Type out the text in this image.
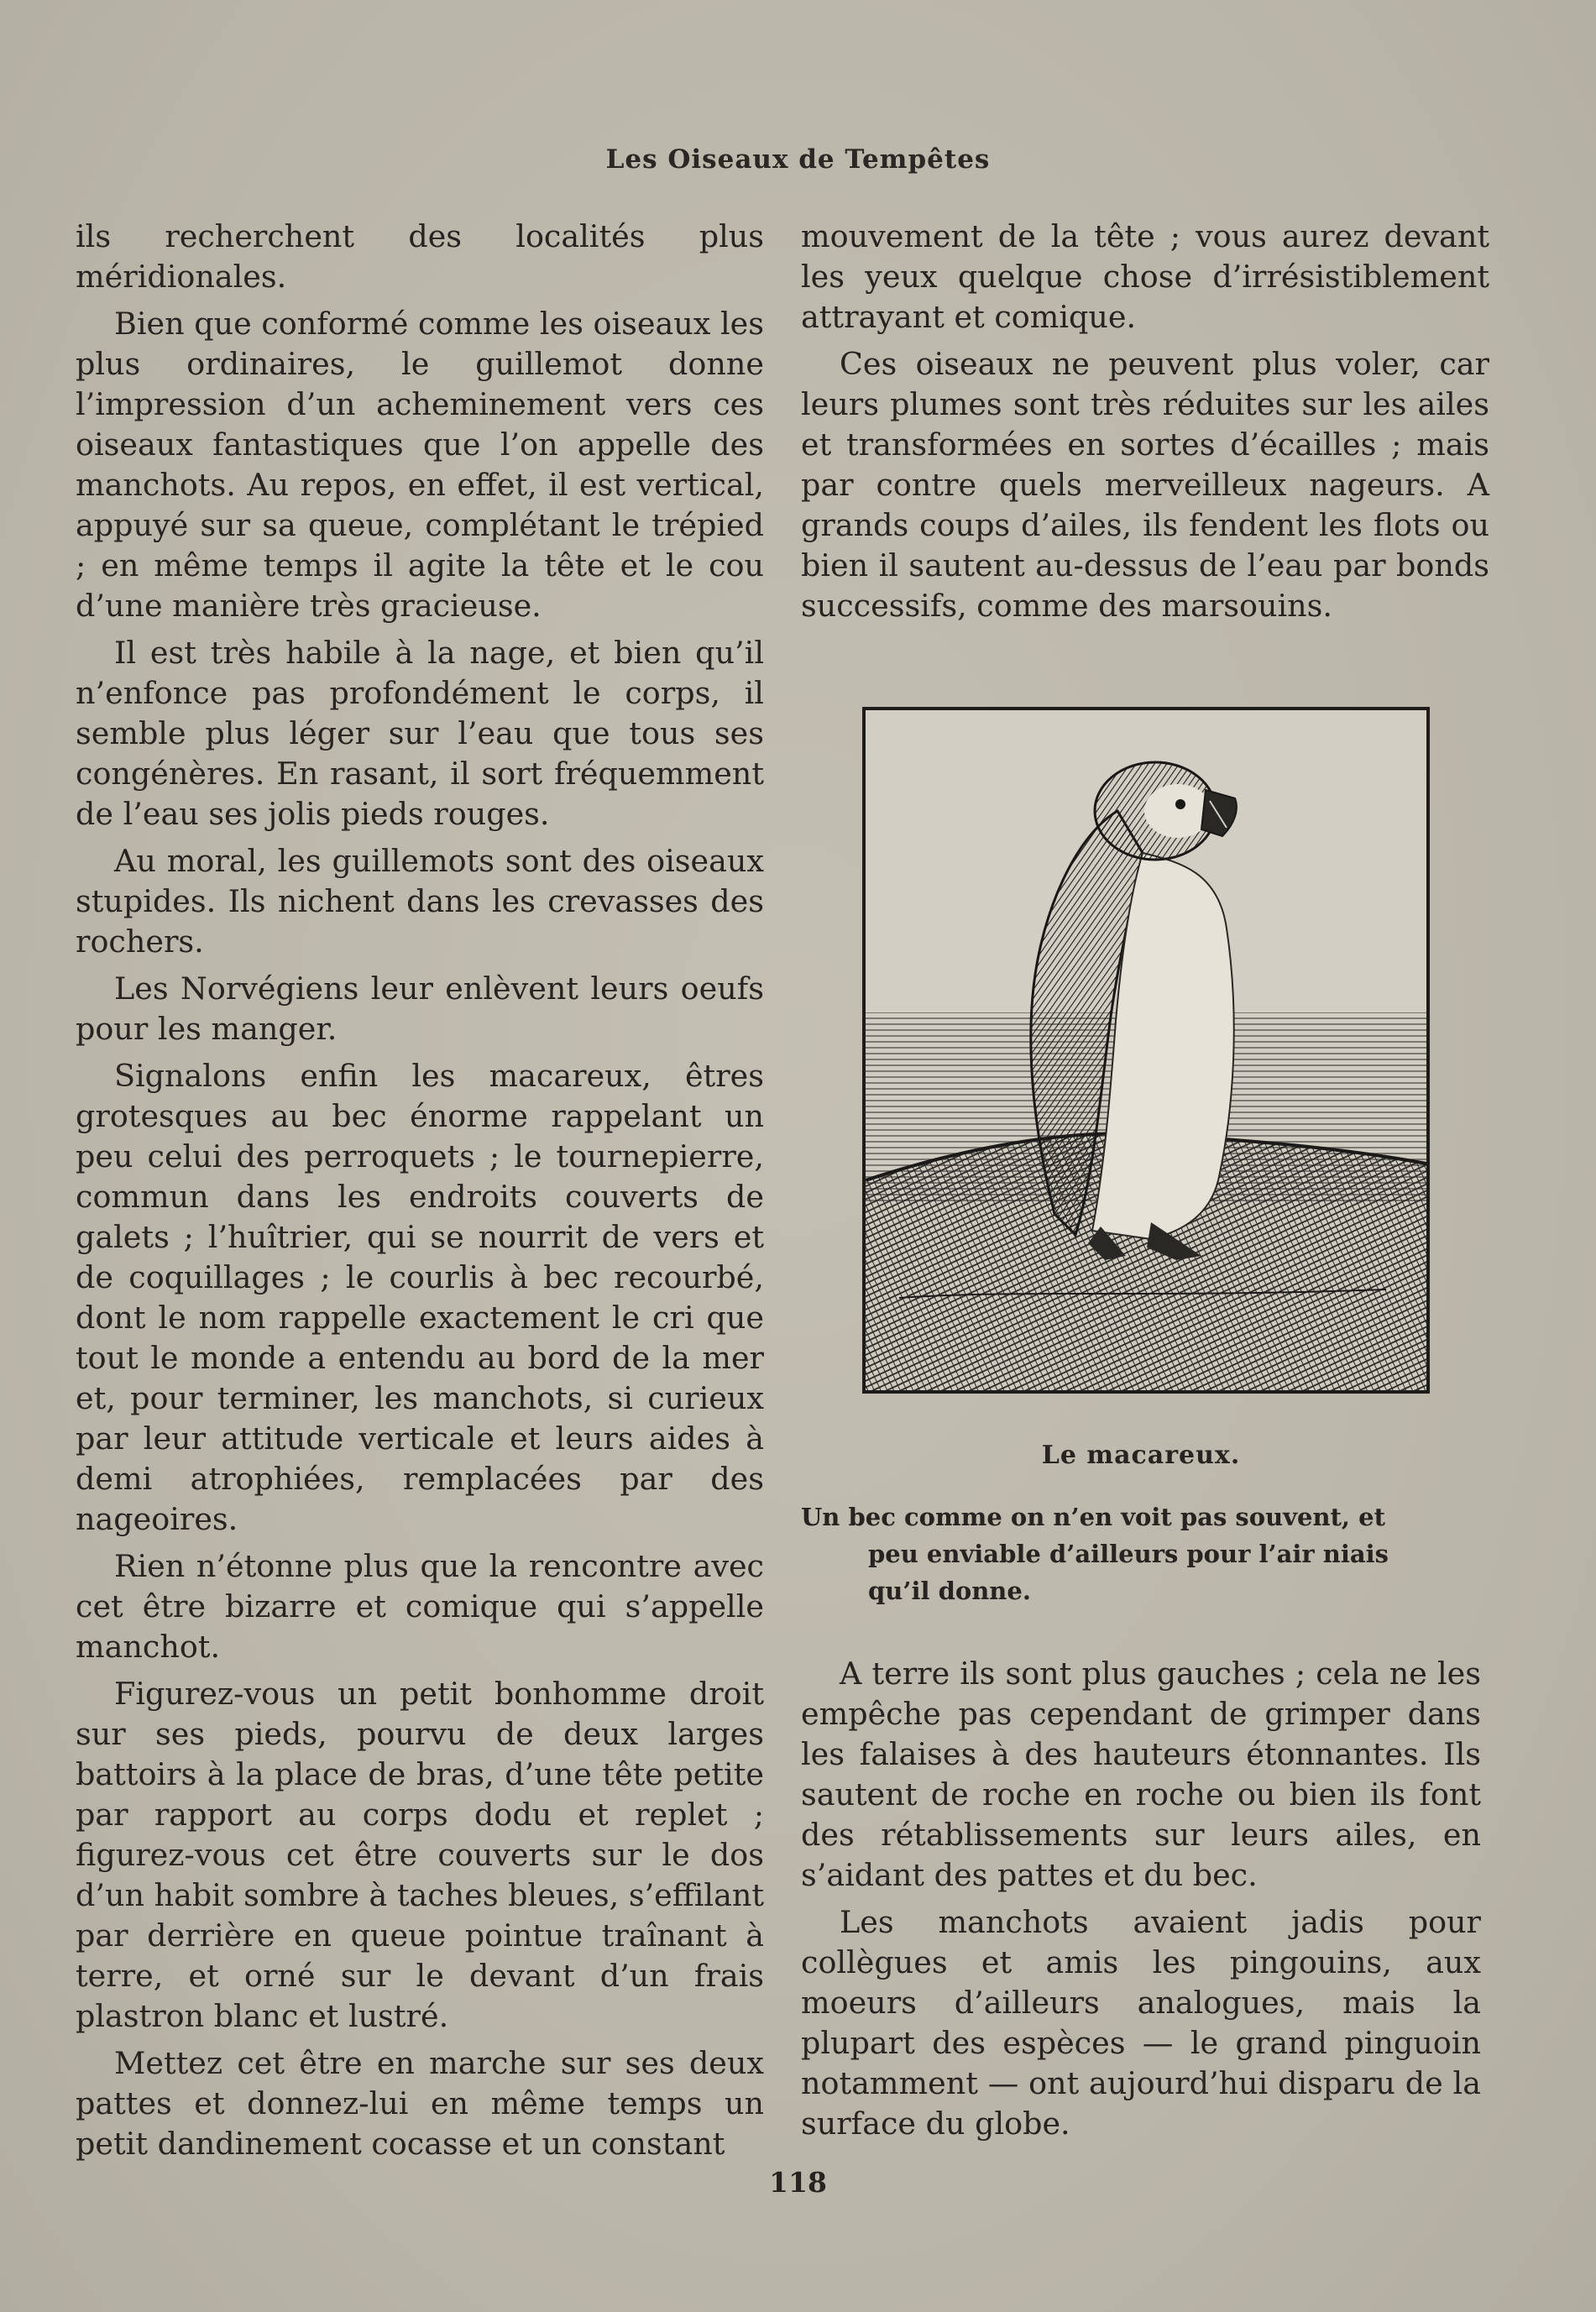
Les Oiseaux de Tempêtes

ils recherchent des localités plus méridionales.

Bien que conformé comme les oiseaux les plus ordinaires, le guillemot donne l’impression d’un acheminement vers ces oiseaux fantastiques que l’on appelle des manchots. Au repos, en effet, il est vertical, appuyé sur sa queue, complétant le trépied ; en même temps il agite la tête et le cou d’une manière très gracieuse.

Il est très habile à la nage, et bien qu’il n’enfonce pas profondément le corps, il semble plus léger sur l’eau que tous ses congénères. En rasant, il sort fréquemment de l’eau ses jolis pieds rouges.

Au moral, les guillemots sont des oiseaux stupides. Ils nichent dans les crevasses des rochers.

Les Norvégiens leur enlèvent leurs oeufs pour les manger.

Signalons enfin les macareux, êtres grotesques au bec énorme rappelant un peu celui des perroquets ; le tournepierre, commun dans les endroits couverts de galets ; l’huîtrier, qui se nourrit de vers et de coquillages ; le courlis à bec recourbé, dont le nom rappelle exactement le cri que tout le monde a entendu au bord de la mer et, pour terminer, les manchots, si curieux par leur attitude verticale et leurs aides à demi atrophiées, remplacées par des nageoires.

Rien n’étonne plus que la rencontre avec cet être bizarre et comique qui s’appelle manchot.

Figurez-vous un petit bonhomme droit sur ses pieds, pourvu de deux larges battoirs à la place de bras, d’une tête petite par rapport au corps dodu et replet ; figurez-vous cet être couverts sur le dos d’un habit sombre à taches bleues, s’effilant par derrière en queue pointue traînant à terre, et orné sur le devant d’un frais plastron blanc et lustré.

Mettez cet être en marche sur ses deux pattes et donnez-lui en même temps un petit dandinement cocasse et un constant

mouvement de la tête ; vous aurez devant les yeux quelque chose d’irrésistiblement attrayant et comique.

Ces oiseaux ne peuvent plus voler, car leurs plumes sont très réduites sur les ailes et transformées en sortes d’écailles ; mais par contre quels merveilleux nageurs. A grands coups d’ailes, ils fendent les flots ou bien il sautent au-dessus de l’eau par bonds successifs, comme des marsouins.

Le macareux.
Un bec comme on n’en voit pas souvent, et
peu enviable d’ailleurs pour l’air niais
qu’il donne.

A terre ils sont plus gauches ; cela ne les empêche pas cependant de grimper dans les falaises à des hauteurs étonnantes. Ils sautent de roche en roche ou bien ils font des rétablissements sur leurs ailes, en s’aidant des pattes et du bec.

Les manchots avaient jadis pour collègues et amis les pingouins, aux moeurs d’ailleurs analogues, mais la plupart des espèces — le grand pinguoin notamment — ont aujourd’hui disparu de la surface du globe.

118
